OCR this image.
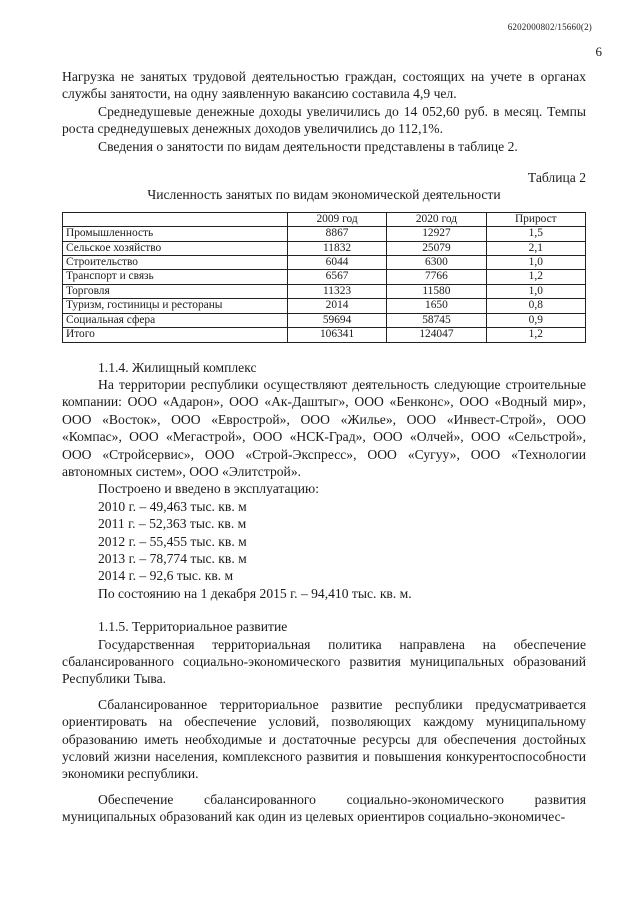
6202000802/15660(2)
6

Нагрузка не занятых трудовой деятельностью граждан, состоящих на учете в органах службы занятости, на одну заявленную вакансию составила 4,9 чел.

Среднедушевые денежные доходы увеличились до 14 052,60 руб. в месяц. Темпы роста среднедушевых денежных доходов увеличились до 112,1%.

Сведения о занятости по видам деятельности представлены в таблице 2.

Таблица 2

Численность занятых по видам экономической деятельности

	2009 год	2020 год	Прирост
Промышленность	8867	12927	1,5
Сельское хозяйство	11832	25079	2,1
Строительство	6044	6300	1,0
Транспорт и связь	6567	7766	1,2
Торговля	11323	11580	1,0
Туризм, гостиницы и рестораны	2014	1650	0,8
Социальная сфера	59694	58745	0,9
Итого	106341	124047	1,2

1.1.4. Жилищный комплекс

На территории республики осуществляют деятельность следующие строительные компании: ООО «Адарон», ООО «Ак-Даштыг», ООО «Бенконс», ООО «Водный мир», ООО «Восток», ООО «Еврострой», ООО «Жилье», ООО «Инвест-Строй», ООО «Компас», ООО «Мегастрой», ООО «НСК-Град», ООО «Олчей», ООО «Сельстрой», ООО «Стройсервис», ООО «Строй-Экспресс», ООО «Сугуу», ООО «Технологии автономных систем», ООО «Элитстрой».

Построено и введено в эксплуатацию:

2010 г. – 49,463 тыс. кв. м

2011 г. – 52,363 тыс. кв. м

2012 г. – 55,455 тыс. кв. м

2013 г. – 78,774 тыс. кв. м

2014 г. – 92,6 тыс. кв. м

По состоянию на 1 декабря 2015 г. – 94,410 тыс. кв. м.

1.1.5. Территориальное развитие

Государственная территориальная политика направлена на обеспечение сбалансированного социально-экономического развития муниципальных образований Республики Тыва.

Сбалансированное территориальное развитие республики предусматривается ориентировать на обеспечение условий, позволяющих каждому муниципальному образованию иметь необходимые и достаточные ресурсы для обеспечения достойных условий жизни населения, комплексного развития и повышения конкурентоспособности экономики республики.

Обеспечение сбалансированного социально-экономического развития муниципальных образований как один из целевых ориентиров социально-экономичес-
